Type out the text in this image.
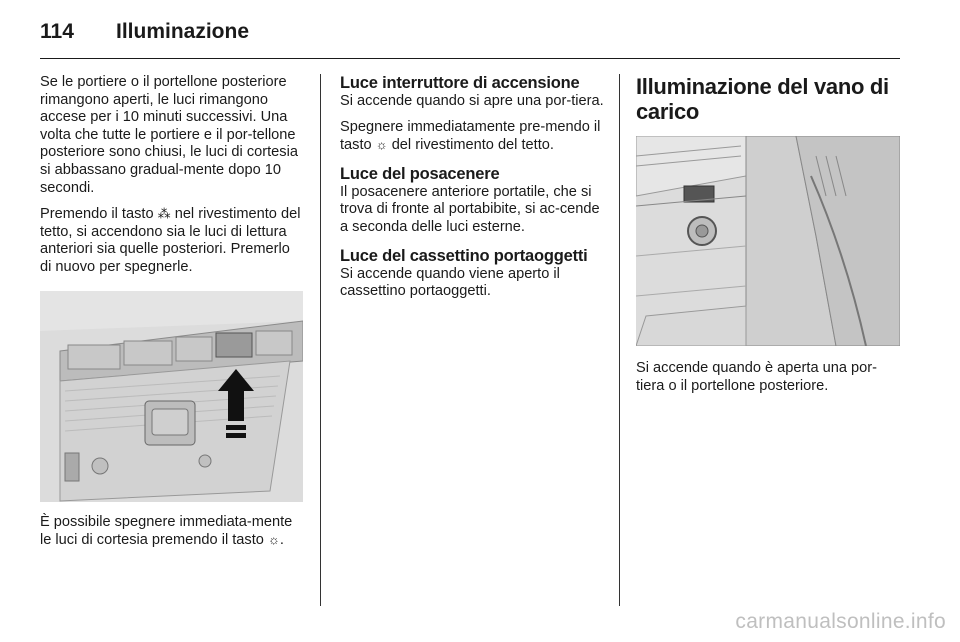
114 Illuminazione

Se le portiere o il portellone posteriore rimangono aperti, le luci rimangono accese per i 10 minuti successivi. Una volta che tutte le portiere e il por-tellone posteriore sono chiusi, le luci di cortesia si abbassano gradual-mente dopo 10 secondi.

Premendo il tasto ⁂ nel rivestimento del tetto, si accendono sia le luci di lettura anteriori sia quelle posteriori. Premerlo di nuovo per spegnerle.

È possibile spegnere immediata-mente le luci di cortesia premendo il tasto ☼.

Luce interruttore di accensione

Si accende quando si apre una por-tiera.

Spegnere immediatamente pre-mendo il tasto ☼ del rivestimento del tetto.

Luce del posacenere

Il posacenere anteriore portatile, che si trova di fronte al portabibite, si ac-cende a seconda delle luci esterne.

Luce del cassettino portaoggetti

Si accende quando viene aperto il cassettino portaoggetti.

Illuminazione del vano di carico

Si accende quando è aperta una por-tiera o il portellone posteriore.

carmanualsonline.info
